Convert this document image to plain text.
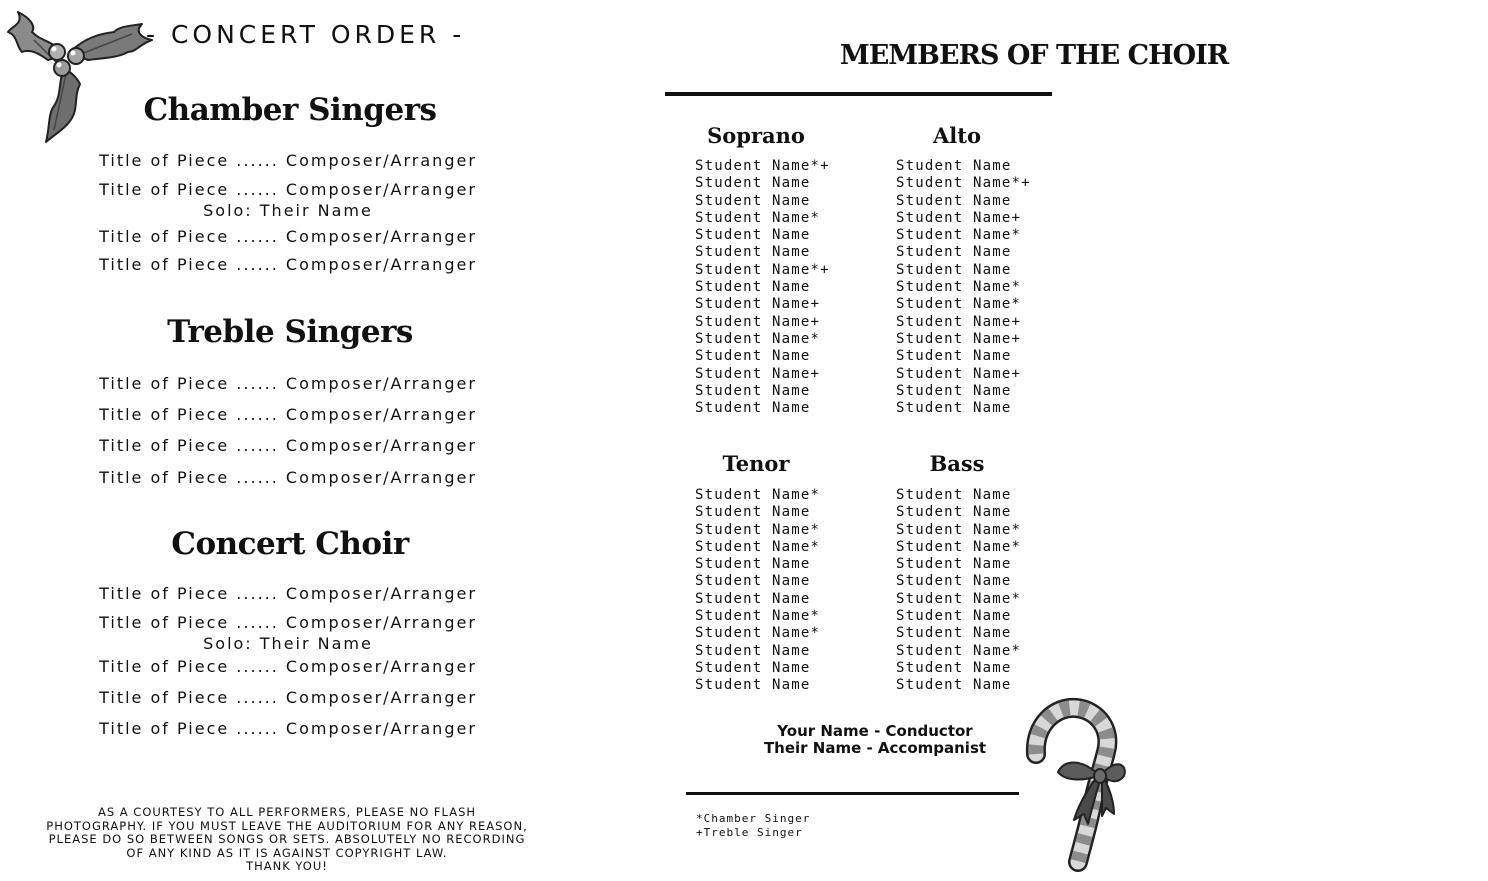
- CONCERT ORDER -
Chamber Singers
Title of Piece ...... Composer/Arranger
Title of Piece ...... Composer/Arranger
Solo: Their Name
Title of Piece ...... Composer/Arranger
Title of Piece ...... Composer/Arranger
Treble Singers
Title of Piece ...... Composer/Arranger
Title of Piece ...... Composer/Arranger
Title of Piece ...... Composer/Arranger
Title of Piece ...... Composer/Arranger
Concert Choir
Title of Piece ...... Composer/Arranger
Title of Piece ...... Composer/Arranger
Solo: Their Name
Title of Piece ...... Composer/Arranger
Title of Piece ...... Composer/Arranger
Title of Piece ...... Composer/Arranger
AS A COURTESY TO ALL PERFORMERS, PLEASE NO FLASH
PHOTOGRAPHY. IF YOU MUST LEAVE THE AUDITORIUM FOR ANY REASON,
PLEASE DO SO BETWEEN SONGS OR SETS. ABSOLUTELY NO RECORDING
OF ANY KIND AS IT IS AGAINST COPYRIGHT LAW.
THANK YOU!
MEMBERS OF THE CHOIR
Soprano	Alto
Student Name*+
Student Name
Student Name
Student Name*
Student Name
Student Name
Student Name*+
Student Name
Student Name+
Student Name+
Student Name*
Student Name
Student Name+
Student Name
Student Name
Student Name
Student Name*+
Student Name
Student Name+
Student Name*
Student Name
Student Name
Student Name*
Student Name*
Student Name+
Student Name+
Student Name
Student Name+
Student Name
Student Name
Tenor	Bass
Student Name*
Student Name
Student Name*
Student Name*
Student Name
Student Name
Student Name
Student Name*
Student Name*
Student Name
Student Name
Student Name
Student Name
Student Name
Student Name*
Student Name*
Student Name
Student Name
Student Name*
Student Name
Student Name
Student Name*
Student Name
Student Name
Your Name - Conductor
Their Name - Accompanist
*Chamber Singer
+Treble Singer
